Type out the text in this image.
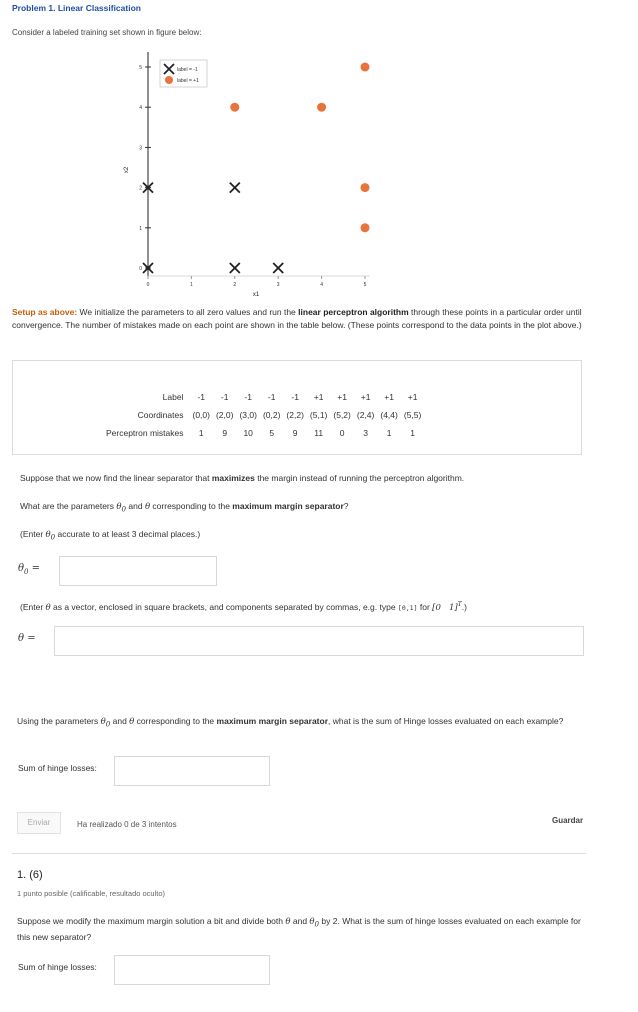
Problem 1. Linear Classification
Consider a labeled training set shown in figure below:
0	1	2	3	4	5
0
1
2
3
4
5	label = -1
label = +1
x1
x2
Setup as above: We initialize the parameters to all zero values and run the linear perceptron algorithm through these points in a particular order until convergence. The number of mistakes made on each point are shown in the table below. (These points correspond to the data points in the plot above.)
Label	-1	-1	-1	-1	-1	+1	+1	+1	+1	+1
Coordinates	(0,0)	(2,0)	(3,0)	(0,2)	(2,2)	(5,1)	(5,2)	(2,4)	(4,4)	(5,5)
Perceptron mistakes	1	9	10	5	9	11	0	3	1	1
Suppose that we now find the linear separator that maximizes the margin instead of running the perceptron algorithm.
What are the parameters $\theta_0$ and θ corresponding to the maximum margin separator?
(Enter $\theta_0$ accurate to at least 3 decimal places.)
$\theta_0$ =
(Enter θ as a vector, enclosed in square brackets, and components separated by commas, e.g. type [0,1] for [0   1]$^T$.)
θ =
Using the parameters $\theta_0$ and θ corresponding to the maximum margin separator, what is the sum of Hinge losses evaluated on each example?
Sum of hinge losses:
Enviar	Ha realizado 0 de 3 intentos	Guardar
1. (6)
1 punto posible (calificable, resultado oculto)
Suppose we modify the maximum margin solution a bit and divide both θ and $\theta_0$ by 2. What is the sum of hinge losses evaluated on each example for this new separator?
Sum of hinge losses:
